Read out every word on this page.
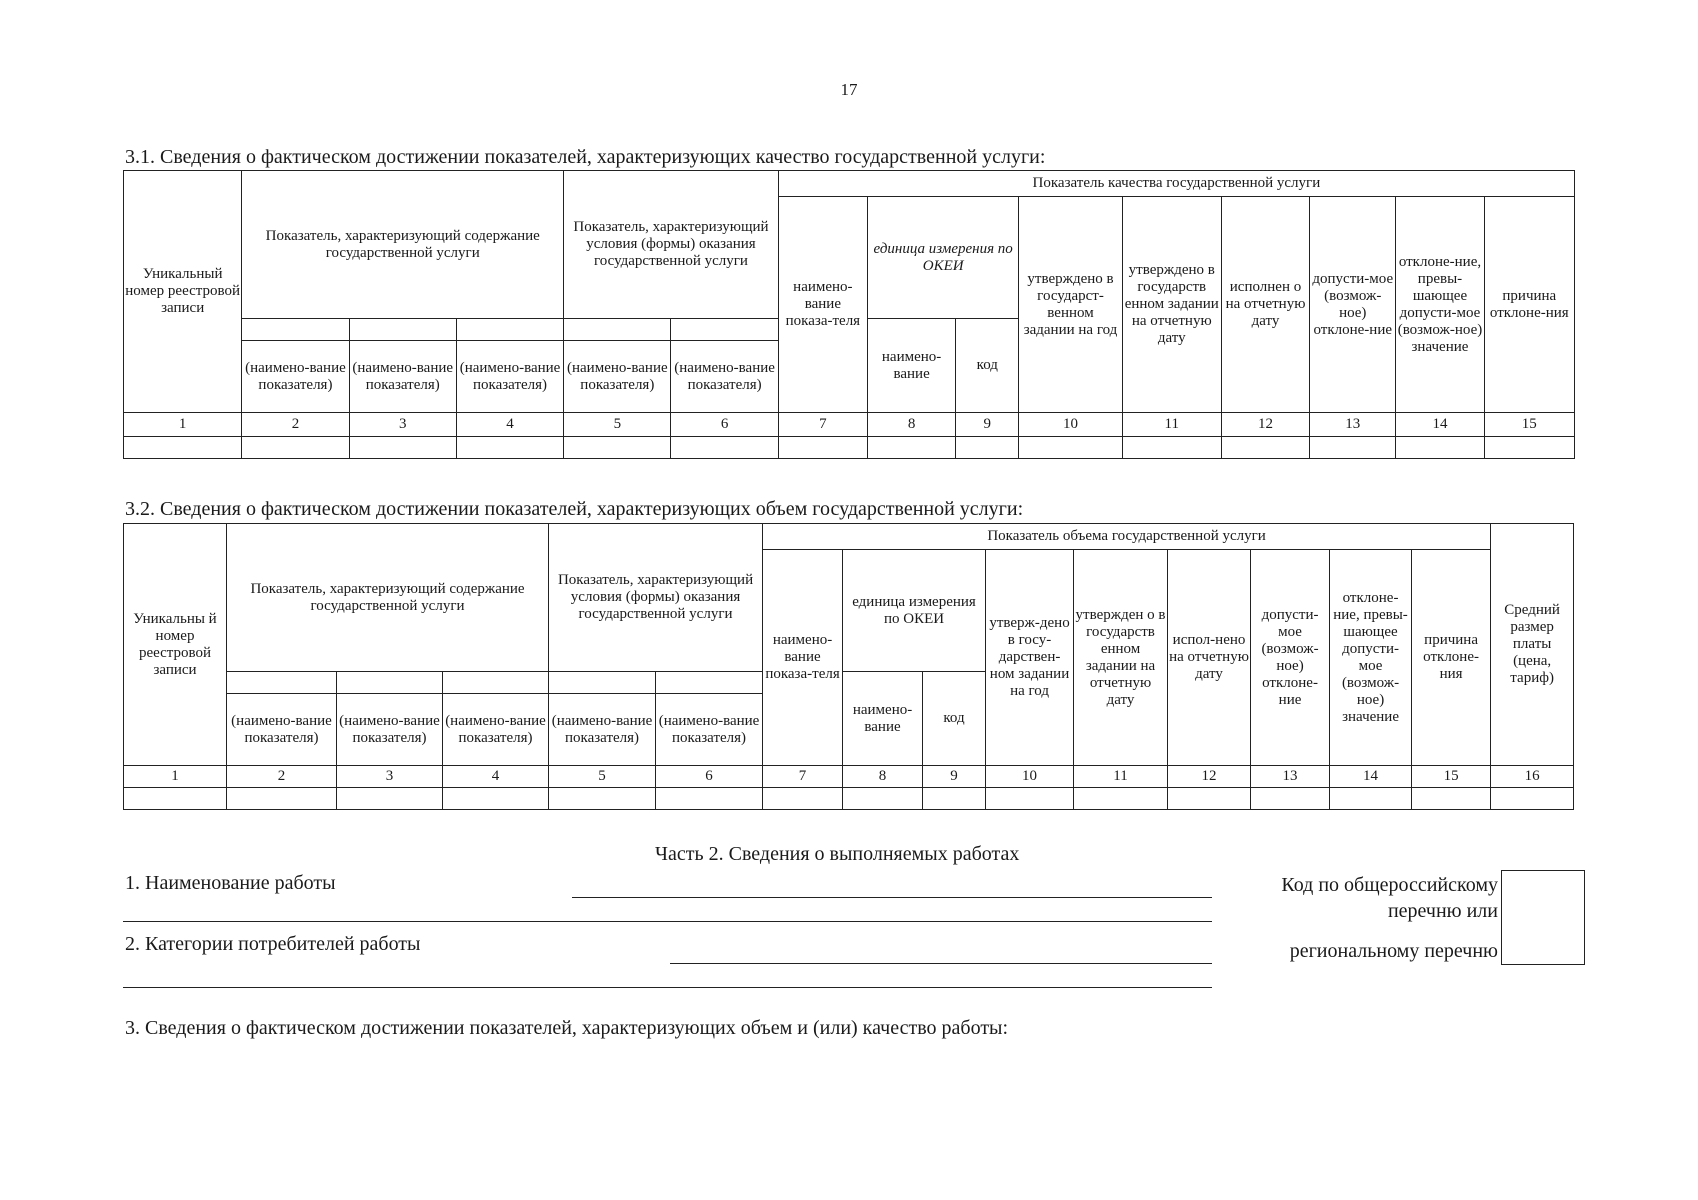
17
3.1. Сведения о фактическом достижении показателей, характеризующих качество государственной услуги:
Уникальный номер реестровой записи	Показатель, характеризующий содержание государственной услуги			Показатель, характеризующий условия (формы) оказания государственной услуги		Показатель качества государственной услуги								
						наимено-вание показа-теля	единица измерения по ОКЕИ		утверждено в государст-венном задании на год	утверждено в государств енном задании на отчетную дату	исполнен о на отчетную дату	допусти-мое (возмож-ное) отклоне-ние	отклоне-ние, превы-шающее допусти-мое (возмож-ное) значение	причина отклоне-ния
							наимено-вание	код						
	(наимено-вание показателя)	(наимено-вание показателя)	(наимено-вание показателя)	(наимено-вание показателя)	(наимено-вание показателя)									
1	2	3	4	5	6	7	8	9	10	11	12	13	14	15

3.2. Сведения о фактическом достижении показателей, характеризующих объем государственной услуги:
Уникальны й номер реестровой записи	Показатель, характеризующий содержание государственной услуги			Показатель, характеризующий условия (формы) оказания государственной услуги		Показатель объема государственной услуги									Средний размер платы (цена, тариф)
						наимено-вание показа-теля	единица измерения по ОКЕИ		утверж-дено в госу-дарствен-ном задании на год	утвержден о в государств енном задании на отчетную дату	испол-нено на отчетную дату	допусти-мое (возмож-ное) отклоне-ние	отклоне-ние, превы-шающее допусти-мое (возмож-ное) значение	причина отклоне-ния	
							наимено-вание	код							
	(наимено-вание показателя)	(наимено-вание показателя)	(наимено-вание показателя)	(наимено-вание показателя)	(наимено-вание показателя)										
1	2	3	4	5	6	7	8	9	10	11	12	13	14	15	16

Часть 2. Сведения о выполняемых работах
1. Наименование работы
2. Категории потребителей работы
Код по общероссийскому
перечню или
региональному перечню
3. Сведения о фактическом достижении показателей, характеризующих объем и (или) качество работы:
